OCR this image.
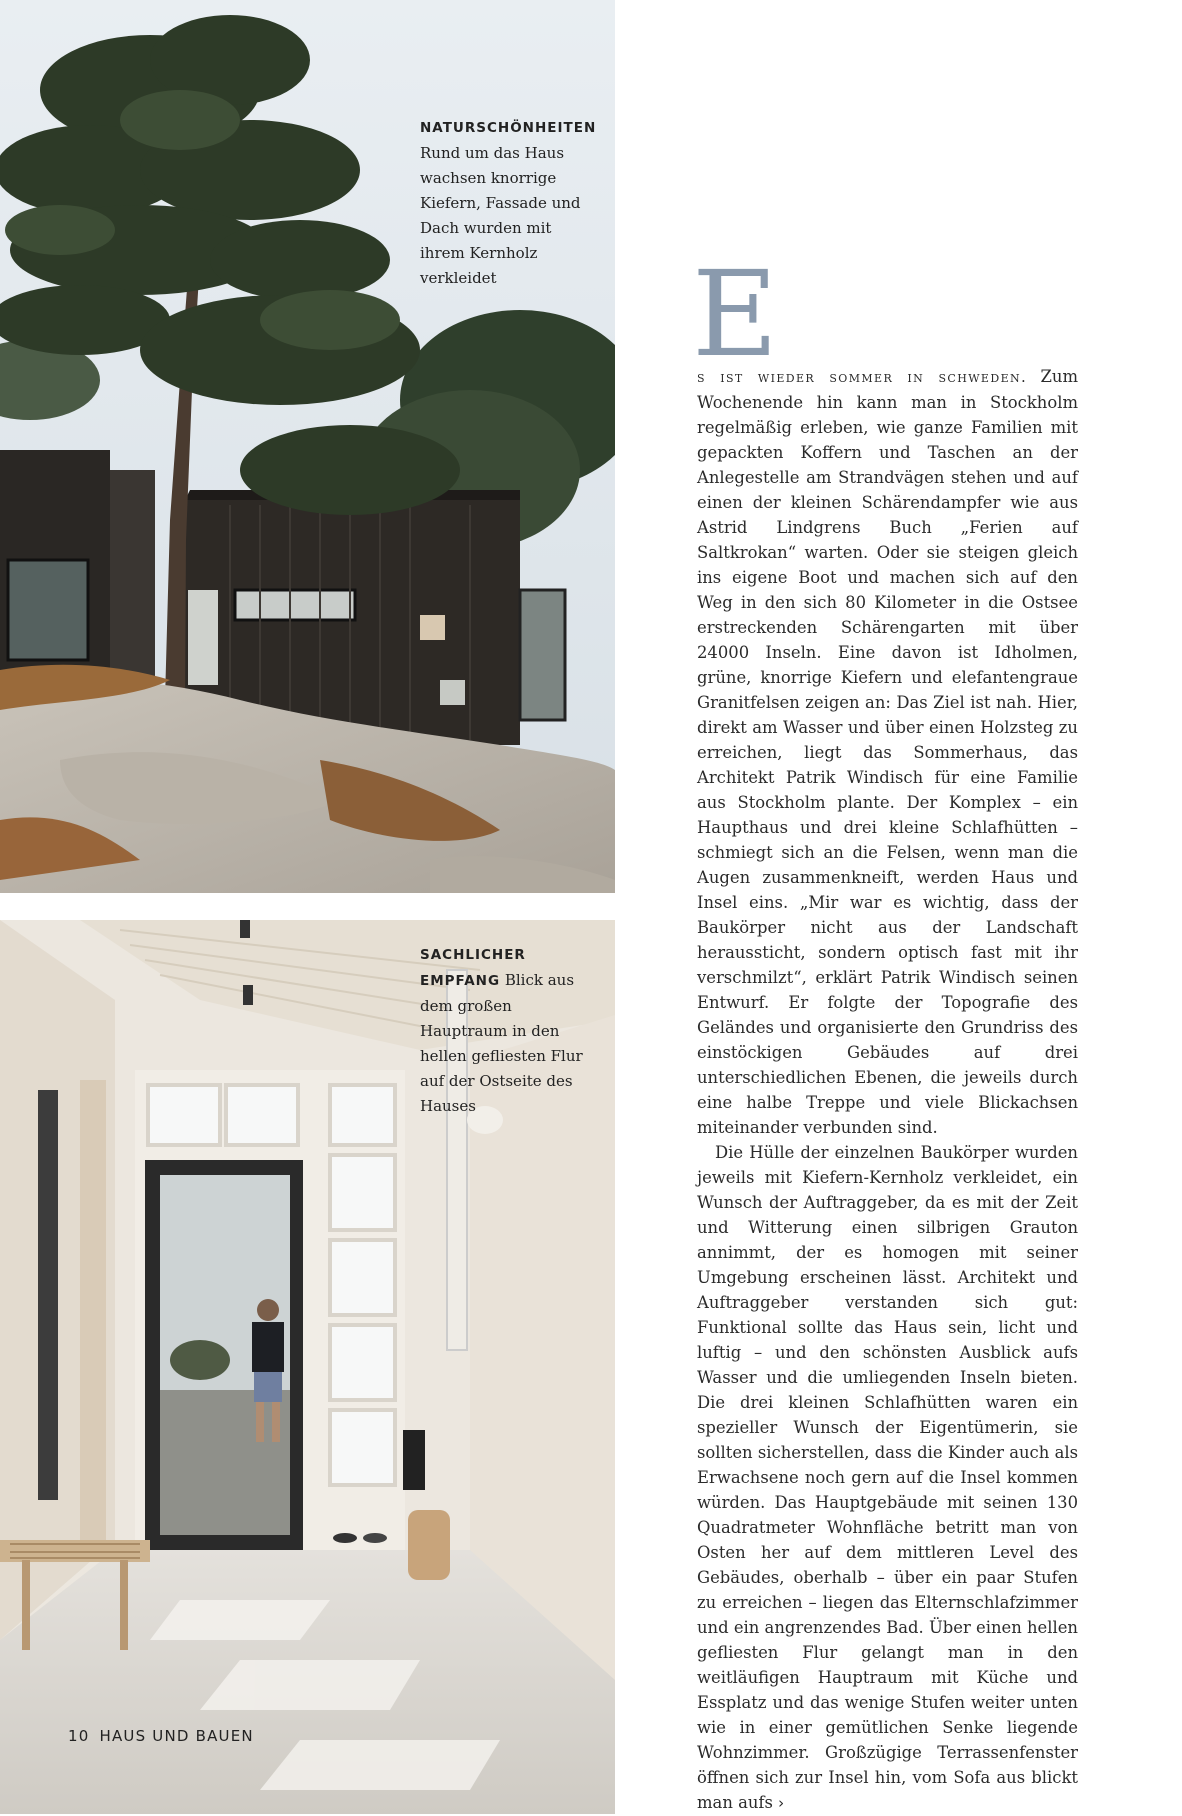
NATURSCHÖNHEITEN
Rund um das Haus wachsen knorrige Kiefern, Fassade und Dach wurden mit ihrem Kernholz verkleidet
SACHLICHER EMPFANG Blick aus dem großen Hauptraum in den hellen gefliesten Flur auf der Ostseite des Hauses
E

s ist wieder sommer in schweden. Zum Wochenende hin kann man in Stockholm regelmäßig erleben, wie ganze Familien mit gepackten Koffern und Taschen an der Anlegestelle am Strandvägen stehen und auf einen der kleinen Schärendampfer wie aus Astrid Lindgrens Buch „Ferien auf Saltkrokan“ warten. Oder sie steigen gleich ins eigene Boot und machen sich auf den Weg in den sich 80 Kilometer in die Ostsee erstreckenden Schärengarten mit über 24000 Inseln. Eine davon ist Idholmen, grüne, knorrige Kiefern und elefantengraue Granitfelsen zeigen an: Das Ziel ist nah. Hier, direkt am Wasser und über einen Holzsteg zu erreichen, liegt das Sommerhaus, das Architekt Patrik Windisch für eine Familie aus Stockholm plante. Der Komplex – ein Haupthaus und drei kleine Schlafhütten – schmiegt sich an die Felsen, wenn man die Augen zusammenkneift, werden Haus und Insel eins. „Mir war es wichtig, dass der Baukörper nicht aus der Landschaft heraussticht, sondern optisch fast mit ihr verschmilzt“, erklärt Patrik Windisch seinen Entwurf. Er folgte der Topografie des Geländes und organisierte den Grundriss des einstöckigen Gebäudes auf drei unterschiedlichen Ebenen, die jeweils durch eine halbe Treppe und viele Blickachsen miteinander verbunden sind.

Die Hülle der einzelnen Baukörper wurden jeweils mit Kiefern-Kernholz verkleidet, ein Wunsch der Auftraggeber, da es mit der Zeit und Witterung einen silbrigen Grauton annimmt, der es homogen mit seiner Umgebung erscheinen lässt. Architekt und Auftraggeber verstanden sich gut: Funktional sollte das Haus sein, licht und luftig – und den schönsten Ausblick aufs Wasser und die umliegenden Inseln bieten. Die drei kleinen Schlafhütten waren ein spezieller Wunsch der Eigentümerin, sie sollten sicherstellen, dass die Kinder auch als Erwachsene noch gern auf die Insel kommen würden. Das Hauptgebäude mit seinen 130 Quadratmeter Wohnfläche betritt man von Osten her auf dem mittleren Level des Gebäudes, oberhalb – über ein paar Stufen zu erreichen – liegen das Elternschlafzimmer und ein angrenzendes Bad. Über einen hellen gefliesten Flur gelangt man in den weitläufigen Hauptraum mit Küche und Essplatz und das wenige Stufen weiter unten wie in einer gemütlichen Senke liegende Wohnzimmer. Großzügige Terrassenfenster öffnen sich zur Insel hin, vom Sofa aus blickt man aufs ›

10 HAUS UND BAUEN
